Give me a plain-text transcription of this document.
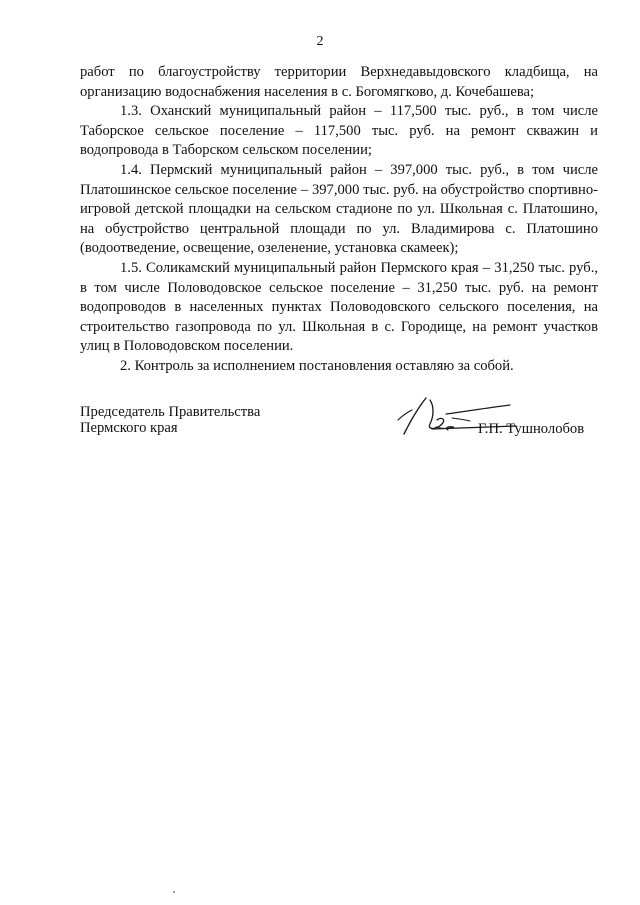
2

работ по благоустройству территории Верхнедавыдовского кладбища, на организацию водоснабжения населения в с. Богомягково, д. Кочебашева;

1.3. Оханский муниципальный район – 117,500 тыс. руб., в том числе Таборское сельское поселение – 117,500 тыс. руб. на ремонт скважин и водопровода в Таборском сельском поселении;

1.4. Пермский муниципальный район – 397,000 тыс. руб., в том числе Платошинское сельское поселение – 397,000 тыс. руб. на обустройство спортивно-игровой детской площадки на сельском стадионе по ул. Школьная с. Платошино, на обустройство центральной площади по ул. Владимирова с. Платошино (водоотведение, освещение, озеленение, установка скамеек);

1.5. Соликамский муниципальный район Пермского края – 31,250 тыс. руб., в том числе Половодовское сельское поселение – 31,250 тыс. руб. на ремонт водопроводов в населенных пунктах Половодовского сельского поселения, на строительство газопровода по ул. Школьная в с. Городище, на ремонт участков улиц в Половодовском поселении.

2. Контроль за исполнением постановления оставляю за собой.

Председатель Правительства
Пермского края	Г.П. Тушнолобов
